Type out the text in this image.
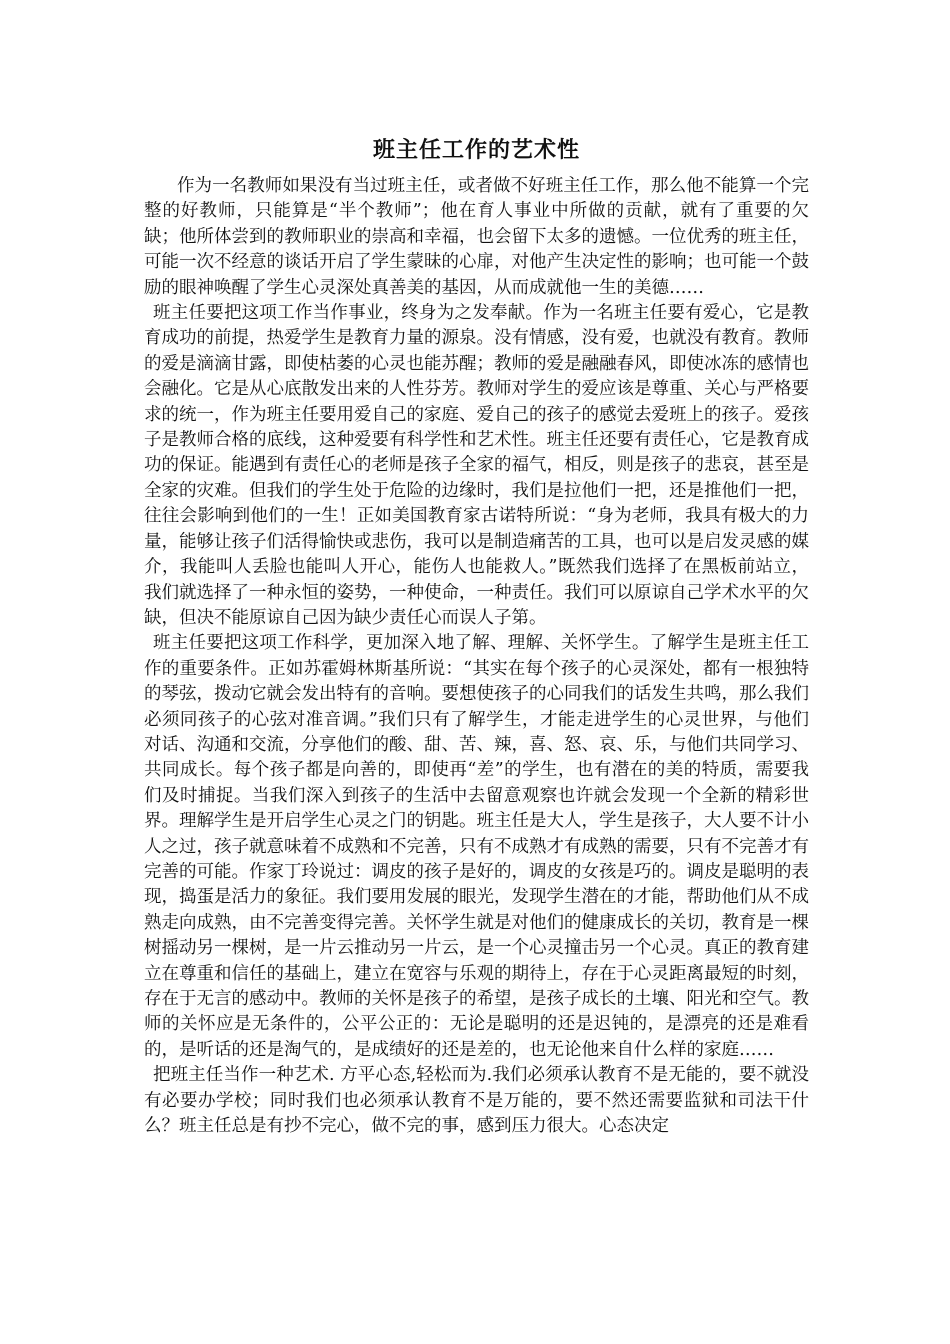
班主任工作的艺术性

作为一名教师如果没有当过班主任，或者做不好班主任工作，那么他不能算一个完整的好教师，只能算是“半个教师”；他在育人事业中所做的贡献，就有了重要的欠缺；他所体尝到的教师职业的崇高和幸福，也会留下太多的遗憾。一位优秀的班主任，可能一次不经意的谈话开启了学生蒙昧的心扉，对他产生决定性的影响；也可能一个鼓励的眼神唤醒了学生心灵深处真善美的基因，从而成就他一生的美德……

班主任要把这项工作当作事业，终身为之发奉献。作为一名班主任要有爱心，它是教育成功的前提，热爱学生是教育力量的源泉。没有情感，没有爱，也就没有教育。教师的爱是滴滴甘露，即使枯萎的心灵也能苏醒；教师的爱是融融春风，即使冰冻的感情也会融化。它是从心底散发出来的人性芬芳。教师对学生的爱应该是尊重、关心与严格要求的统一，作为班主任要用爱自己的家庭、爱自己的孩子的感觉去爱班上的孩子。爱孩子是教师合格的底线，这种爱要有科学性和艺术性。班主任还要有责任心，它是教育成功的保证。能遇到有责任心的老师是孩子全家的福气，相反，则是孩子的悲哀，甚至是全家的灾难。但我们的学生处于危险的边缘时，我们是拉他们一把，还是推他们一把，往往会影响到他们的一生！正如美国教育家古诺特所说：“身为老师，我具有极大的力量，能够让孩子们活得愉快或悲伤，我可以是制造痛苦的工具，也可以是启发灵感的媒介，我能叫人丢脸也能叫人开心，能伤人也能救人。”既然我们选择了在黑板前站立，我们就选择了一种永恒的姿势，一种使命，一种责任。我们可以原谅自己学术水平的欠缺，但决不能原谅自己因为缺少责任心而误人子第。

班主任要把这项工作科学，更加深入地了解、理解、关怀学生。了解学生是班主任工作的重要条件。正如苏霍姆林斯基所说：“其实在每个孩子的心灵深处，都有一根独特的琴弦，拨动它就会发出特有的音响。要想使孩子的心同我们的话发生共鸣，那么我们必须同孩子的心弦对准音调。”我们只有了解学生，才能走进学生的心灵世界，与他们对话、沟通和交流，分享他们的酸、甜、苦、辣，喜、怒、哀、乐，与他们共同学习、共同成长。每个孩子都是向善的，即使再“差”的学生，也有潜在的美的特质，需要我们及时捕捉。当我们深入到孩子的生活中去留意观察也许就会发现一个全新的精彩世界。理解学生是开启学生心灵之门的钥匙。班主任是大人，学生是孩子，大人要不计小人之过，孩子就意味着不成熟和不完善，只有不成熟才有成熟的需要，只有不完善才有完善的可能。作家丁玲说过：调皮的孩子是好的，调皮的女孩是巧的。调皮是聪明的表现，捣蛋是活力的象征。我们要用发展的眼光，发现学生潜在的才能，帮助他们从不成熟走向成熟，由不完善变得完善。关怀学生就是对他们的健康成长的关切，教育是一棵树摇动另一棵树，是一片云推动另一片云，是一个心灵撞击另一个心灵。真正的教育建立在尊重和信任的基础上，建立在宽容与乐观的期待上，存在于心灵距离最短的时刻，存在于无言的感动中。教师的关怀是孩子的希望，是孩子成长的土壤、阳光和空气。教师的关怀应是无条件的，公平公正的：无论是聪明的还是迟钝的，是漂亮的还是难看的，是听话的还是淘气的，是成绩好的还是差的，也无论他来自什么样的家庭……

把班主任当作一种艺术. 方平心态,轻松而为.我们必须承认教育不是无能的，要不就没有必要办学校；同时我们也必须承认教育不是万能的，要不然还需要监狱和司法干什么？班主任总是有抄不完心，做不完的事，感到压力很大。心态决定
